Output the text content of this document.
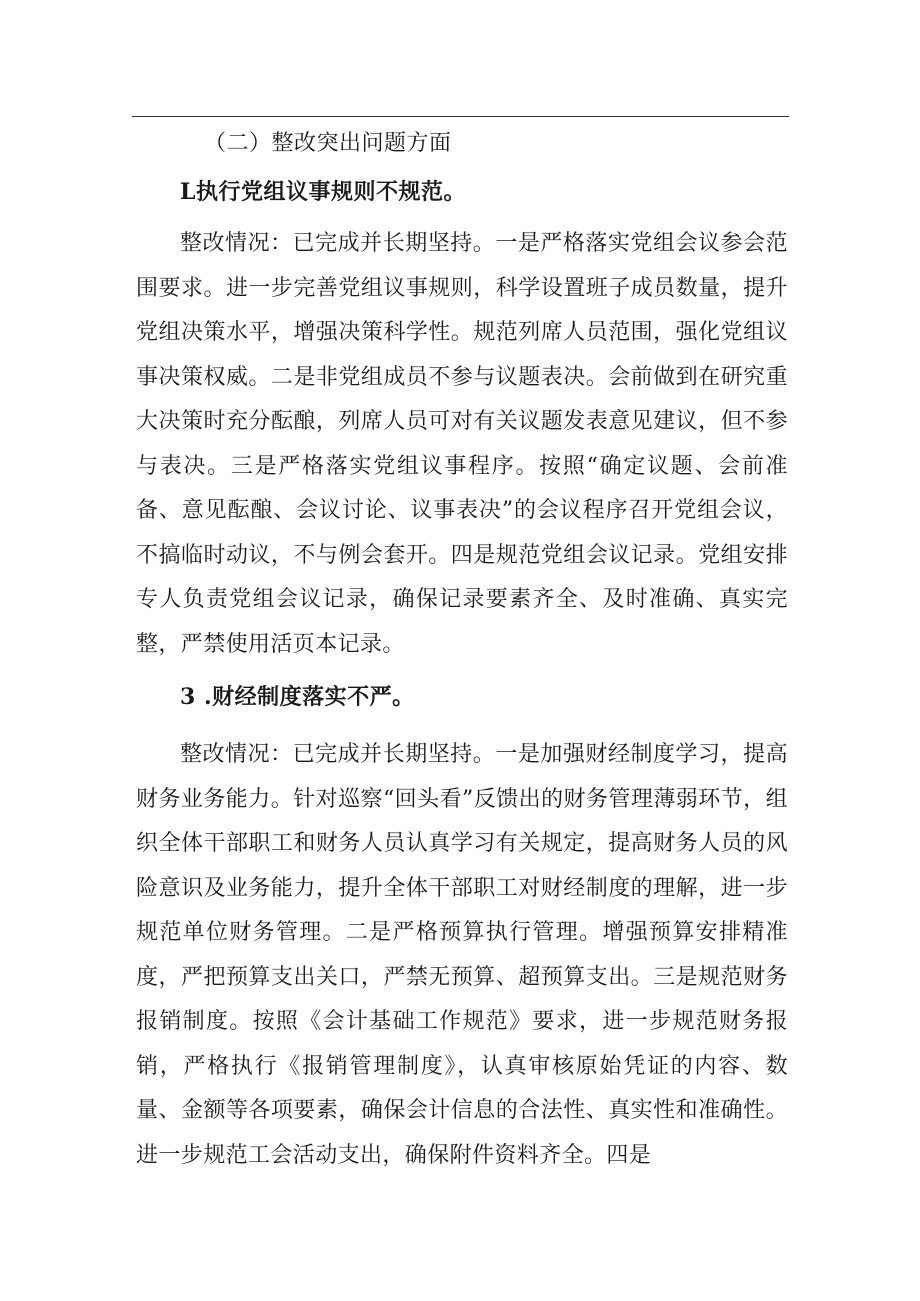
（二）整改突出问题方面

L执行党组议事规则不规范。

整改情况：已完成并长期坚持。一是严格落实党组会议参会范围要求。进一步完善党组议事规则，科学设置班子成员数量，提升党组决策水平，增强决策科学性。规范列席人员范围，强化党组议事决策权威。二是非党组成员不参与议题表决。会前做到在研究重大决策时充分酝酿，列席人员可对有关议题发表意见建议，但不参与表决。三是严格落实党组议事程序。按照“确定议题、会前准备、意见酝酿、会议讨论、议事表决”的会议程序召开党组会议，不搞临时动议，不与例会套开。四是规范党组会议记录。党组安排专人负责党组会议记录，确保记录要素齐全、及时准确、真实完整，严禁使用活页本记录。

3 .财经制度落实不严。

整改情况：已完成并长期坚持。一是加强财经制度学习，提高财务业务能力。针对巡察“回头看”反馈出的财务管理薄弱环节，组织全体干部职工和财务人员认真学习有关规定，提高财务人员的风险意识及业务能力，提升全体干部职工对财经制度的理解，进一步规范单位财务管理。二是严格预算执行管理。增强预算安排精准度，严把预算支出关口，严禁无预算、超预算支出。三是规范财务报销制度。按照《会计基础工作规范》要求，进一步规范财务报销，严格执行《报销管理制度》，认真审核原始凭证的内容、数量、金额等各项要素，确保会计信息的合法性、真实性和准确性。进一步规范工会活动支出，确保附件资料齐全。四是
